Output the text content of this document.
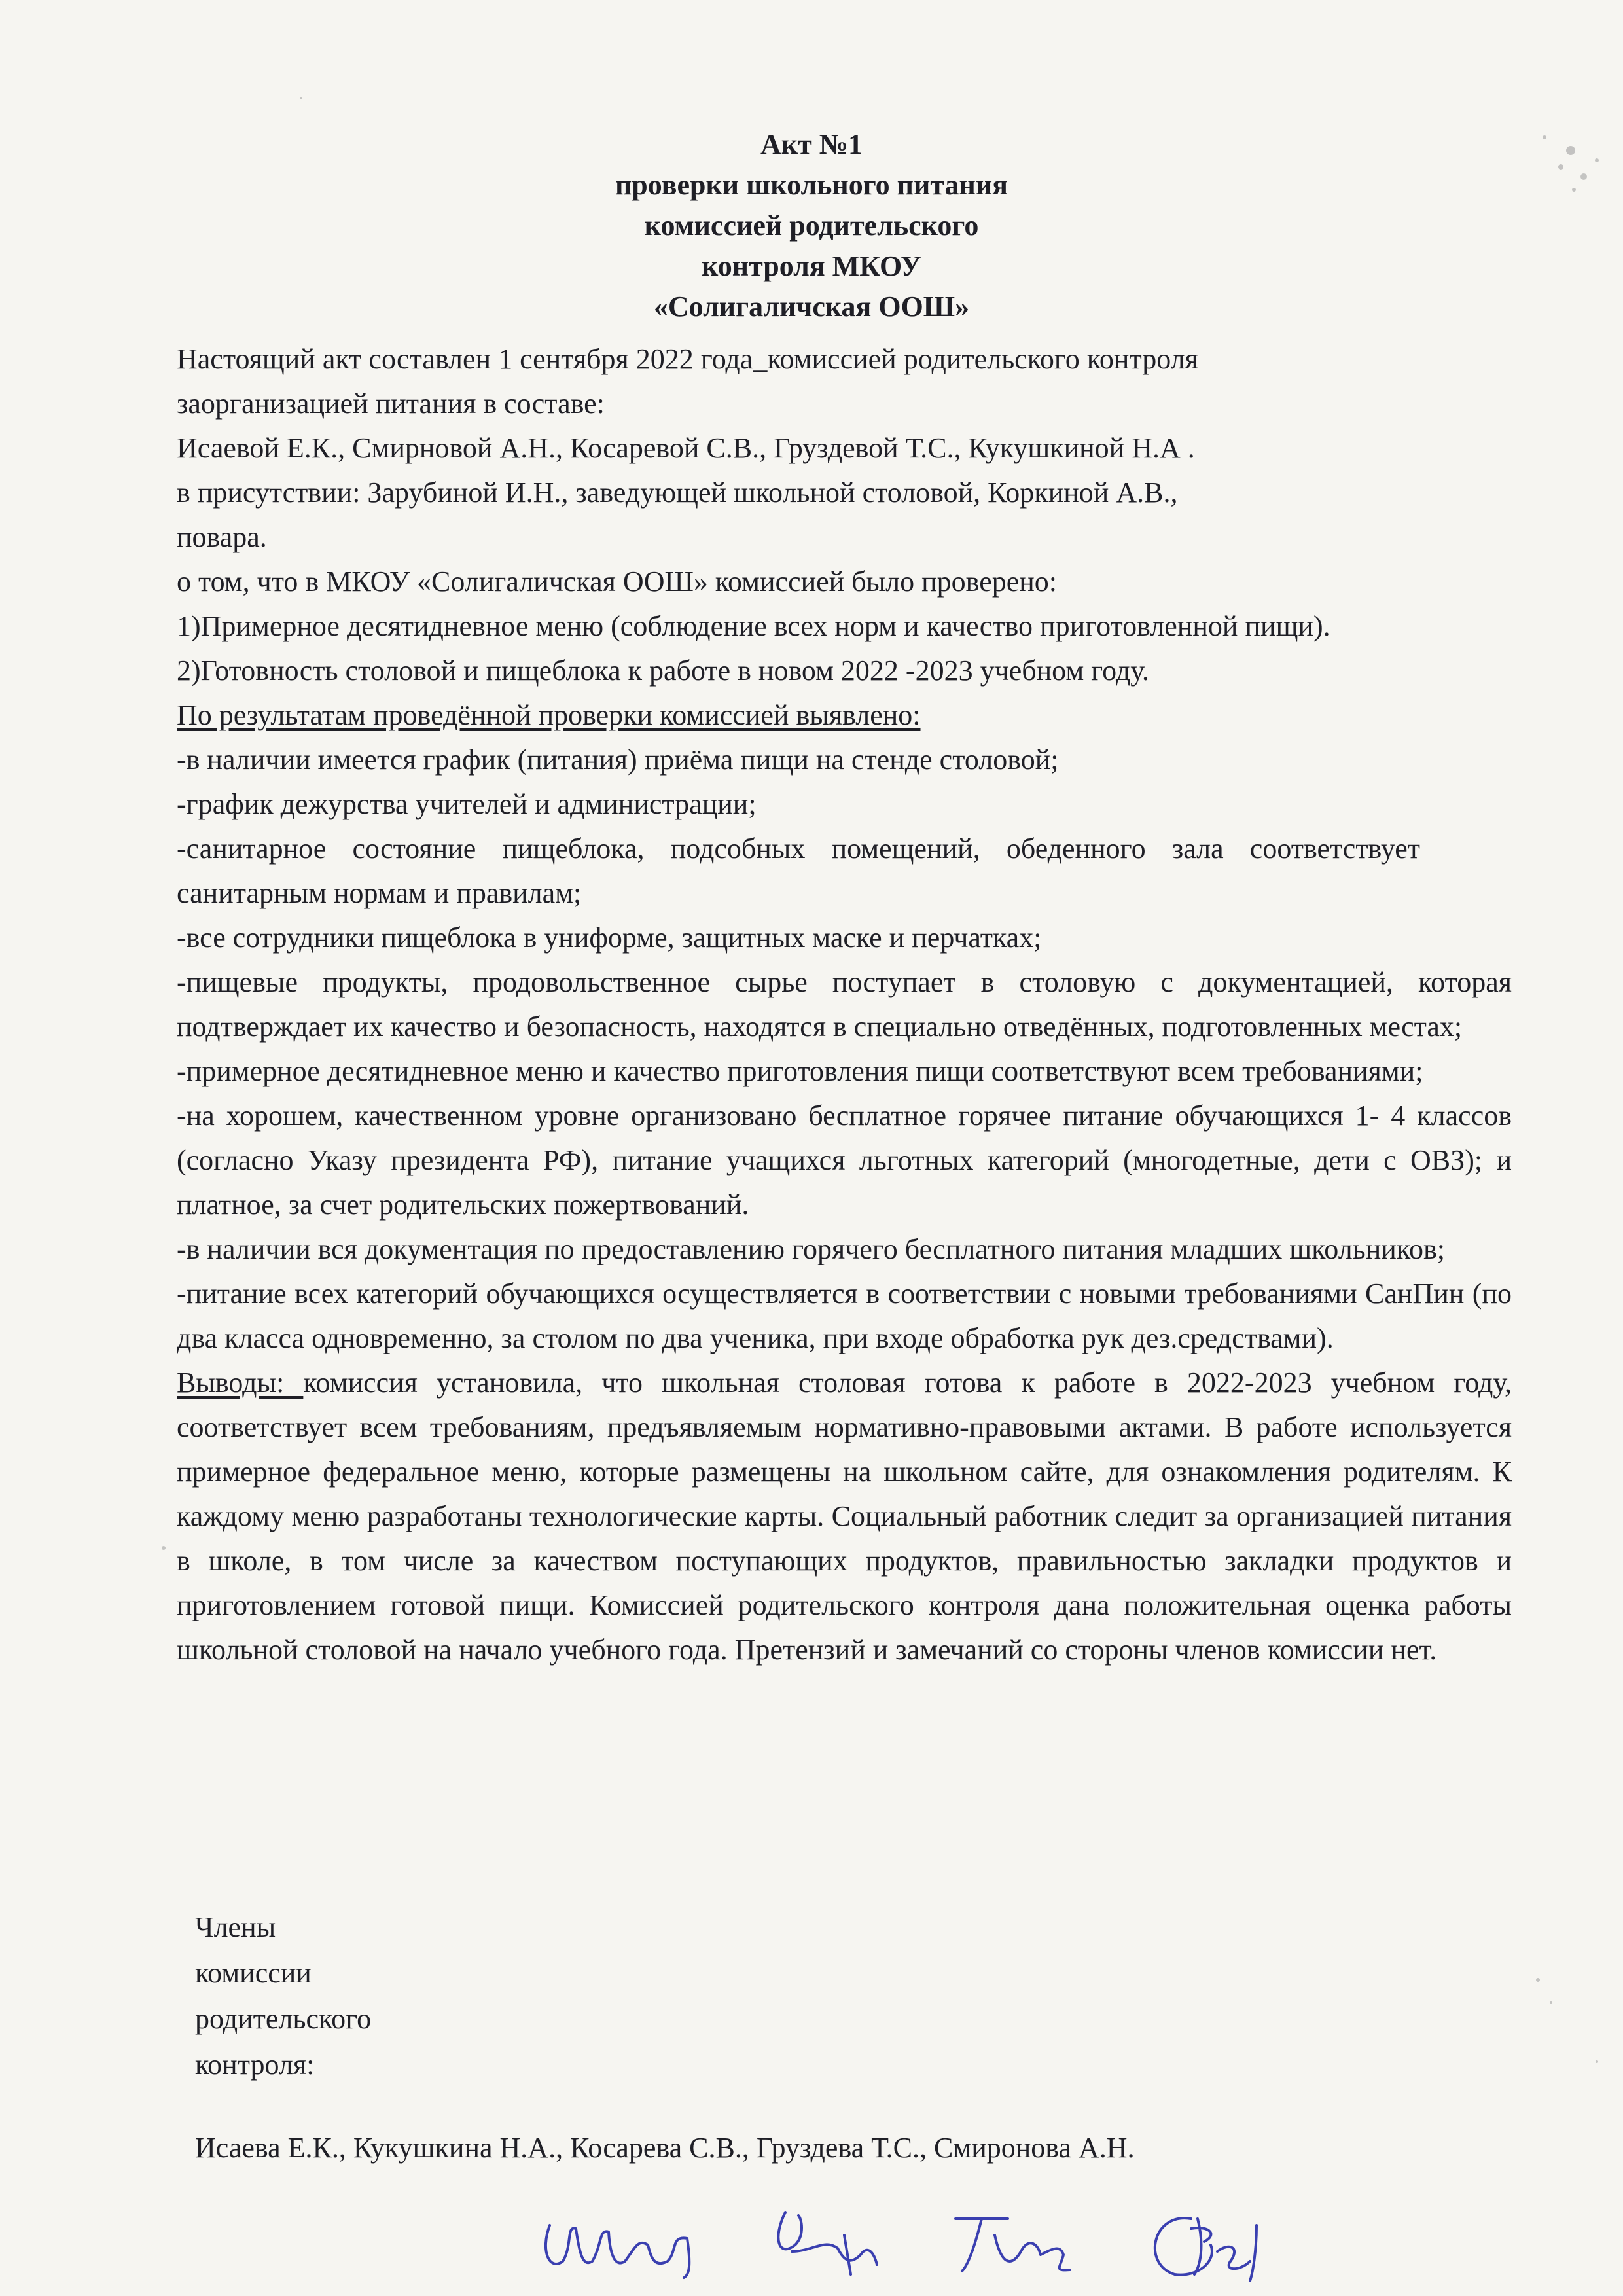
Акт №1
проверки школьного питания
комиссией родительского
контроля МКОУ
«Солигаличская ООШ»

Настоящий акт составлен 1 сентября 2022 года_комиссией родительского контроля

заорганизацией питания в составе:

Исаевой Е.К., Смирновой А.Н., Косаревой С.В., Груздевой Т.С., Кукушкиной Н.А .

в присутствии: Зарубиной И.Н., заведующей школьной столовой, Коркиной А.В.,

повара.

о том, что в МКОУ «Солигаличская ООШ» комиссией было проверено:

1)Примерное десятидневное меню (соблюдение всех норм и качество приготовленной пищи).

2)Готовность столовой и пищеблока к работе в новом 2022 -2023 учебном году.

По результатам проведённой проверки комиссией выявлено:

-в наличии имеется график (питания) приёма пищи на стенде столовой;

-график дежурства учителей и администрации;

-санитарное состояние пищеблока, подсобных помещений, обеденного зала соответствует санитарным нормам и правилам;

-все сотрудники пищеблока в униформе, защитных маске и перчатках;

-пищевые продукты, продовольственное сырье поступает в столовую с документацией, которая подтверждает их качество и безопасность, находятся в специально отведённых, подготовленных местах;

-примерное десятидневное меню и качество приготовления пищи соответствуют всем требованиями;

-на хорошем, качественном уровне организовано бесплатное горячее питание обучающихся 1- 4 классов (согласно Указу президента РФ), питание учащихся льготных категорий (многодетные, дети с ОВЗ); и платное, за счет родительских пожертвований.

-в наличии вся документация по предоставлению горячего бесплатного питания младших школьников;

-питание всех категорий обучающихся осуществляется в соответствии с новыми требованиями СанПин (по два класса одновременно, за столом по два ученика, при входе обработка рук дез.средствами).

Выводы: комиссия установила, что школьная столовая готова к работе в 2022-2023 учебном году, соответствует всем требованиям, предъявляемым нормативно-правовыми актами. В работе используется примерное федеральное меню, которые размещены на школьном сайте, для ознакомления родителям. К каждому меню разработаны технологические карты. Социальный работник следит за организацией питания в школе, в том числе за качеством поступающих продуктов, правильностью закладки продуктов и приготовлением готовой пищи. Комиссией родительского контроля дана положительная оценка работы школьной столовой на начало учебного года. Претензий и замечаний со стороны членов комиссии нет.

Члены
комиссии
родительского
контроля:
Исаева Е.К., Кукушкина Н.А., Косарева С.В., Груздева Т.С., Смиронова А.Н.
